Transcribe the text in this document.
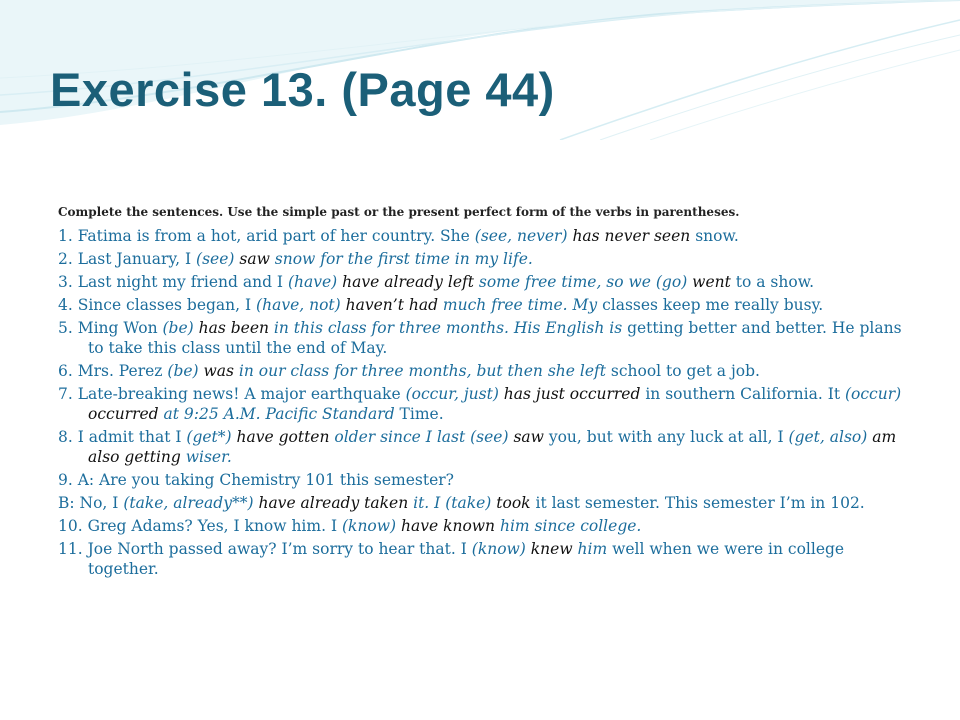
Exercise 13. (Page 44)
Complete the sentences. Use the simple past or the present perfect form of the verbs in parentheses.

1. Fatima is from a hot, arid part of her country. She (see, never) has never seen snow.

2. Last January, I (see) saw snow for the first time in my life.

3. Last night my friend and I (have) have already left some free time, so we (go) went to a show.

4. Since classes began, I (have, not) haven’t had much free time. My classes keep me really busy.

5. Ming Won (be) has been in this class for three months. His English is getting better and better. He plans to take this class until the end of May.

6. Mrs. Perez (be) was in our class for three months, but then she left school to get a job.

7. Late-breaking news! A major earthquake (occur, just) has just occurred in southern California. It (occur) occurred at 9:25 A.M. Pacific Standard Time.

8. I admit that I (get*) have gotten older since I last (see) saw you, but with any luck at all, I (get, also) am also getting wiser.

9. A: Are you taking Chemistry 101 this semester?

B: No, I (take, already**) have already taken it. I (take) took it last semester. This semester I’m in 102.

10. Greg Adams? Yes, I know him. I (know) have known him since college.

11. Joe North passed away? I’m sorry to hear that. I (know) knew him well when we were in college together.
